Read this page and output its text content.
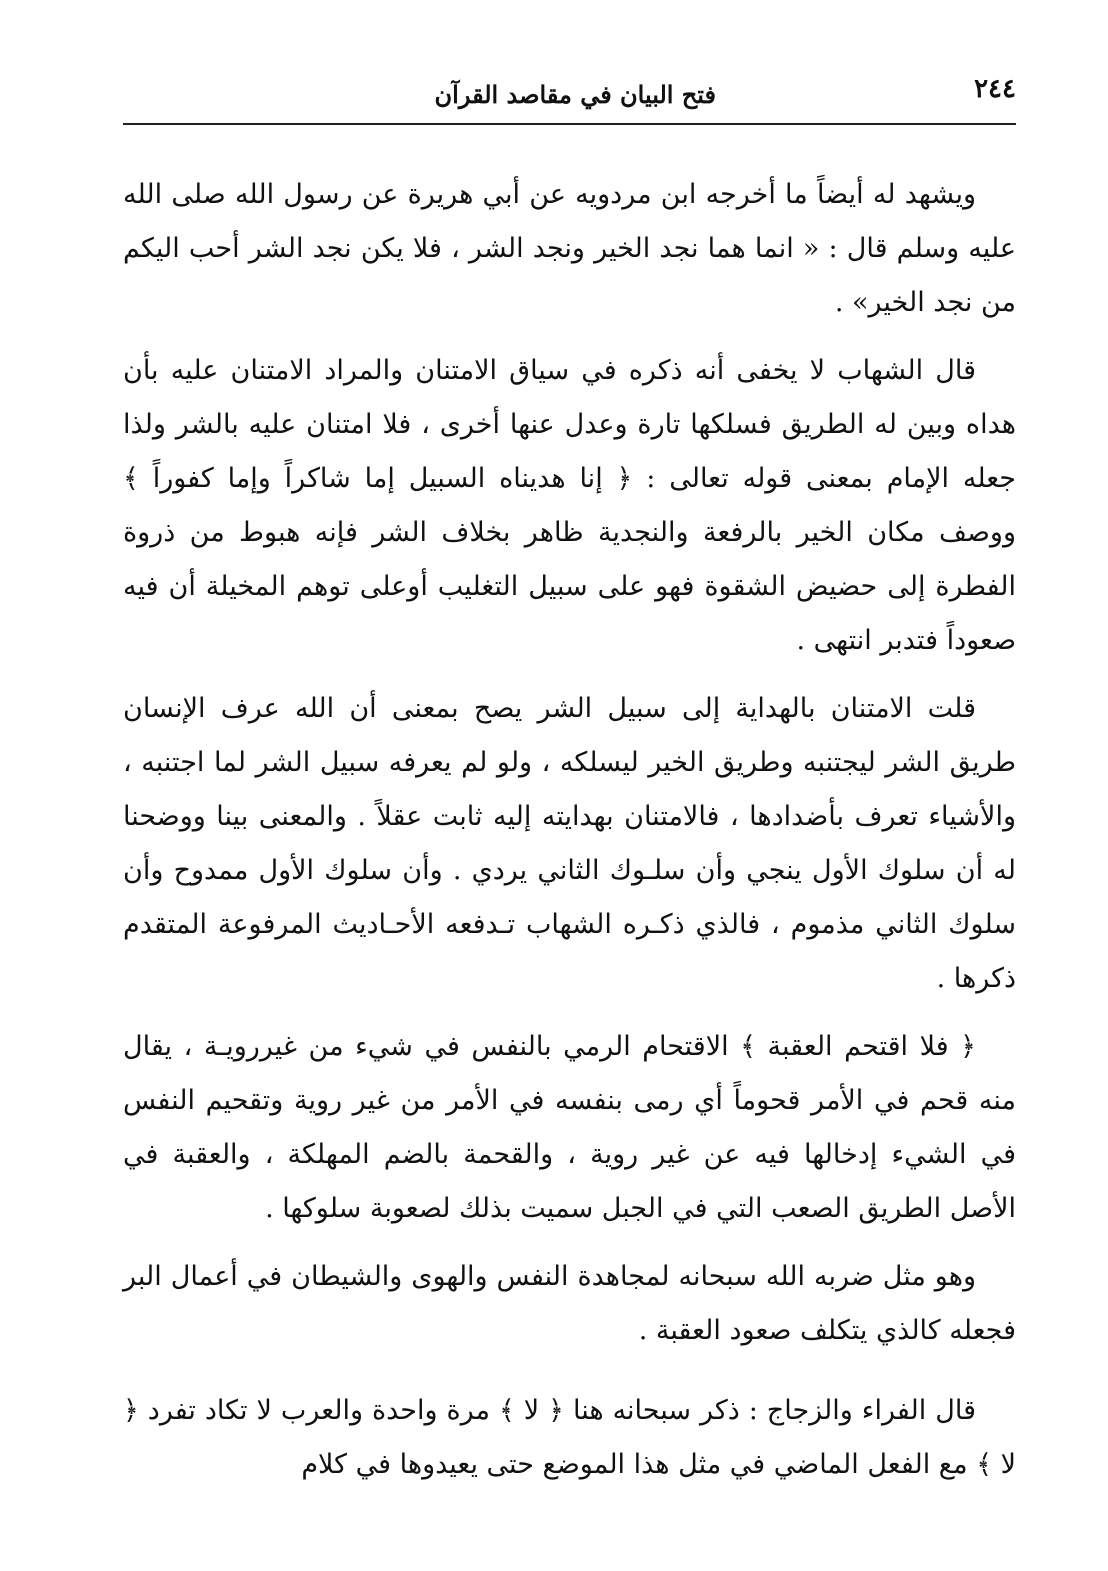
٢٤٤
فتح البيان في مقاصد القرآن

ويشهد له أيضاً ما أخرجه ابن مردويه عن أبي هريرة عن رسول الله صلى الله عليه وسلم قال : « انما هما نجد الخير ونجد الشر ، فلا يكن نجد الشر أحب اليكم من نجد الخير» .

قال الشهاب لا يخفى أنه ذكره في سياق الامتنان والمراد الامتنان عليه بأن هداه وبين له الطريق فسلكها تارة وعدل عنها أخرى ، فلا امتنان عليه بالشر ولذا جعله الإمام بمعنى قوله تعالى : ﴿ إنا هديناه السبيل إما شاكراً وإما كفوراً ﴾ ووصف مكان الخير بالرفعة والنجدية ظاهر بخلاف الشر فإنه هبوط من ذروة الفطرة إلى حضيض الشقوة فهو على سبيل التغليب أوعلى توهم المخيلة أن فيه صعوداً فتدبر انتهى .

قلت الامتنان بالهداية إلى سبيل الشر يصح بمعنى أن الله عرف الإنسان طريق الشر ليجتنبه وطريق الخير ليسلكه ، ولو لم يعرفه سبيل الشر لما اجتنبه ، والأشياء تعرف بأضدادها ، فالامتنان بهدايته إليه ثابت عقلاً . والمعنى بينا ووضحنا له أن سلوك الأول ينجي وأن سلـوك الثاني يردي . وأن سلوك الأول ممدوح وأن سلوك الثاني مذموم ، فالذي ذكـره الشهاب تـدفعه الأحـاديث المرفوعة المتقدم ذكرها .

﴿ فلا اقتحم العقبة ﴾ الاقتحام الرمي بالنفس في شيء من غيررويـة ، يقال منه قحم في الأمر قحوماً أي رمى بنفسه في الأمر من غير روية وتقحيم النفس في الشيء إدخالها فيه عن غير روية ، والقحمة بالضم المهلكة ، والعقبة في الأصل الطريق الصعب التي في الجبل سميت بذلك لصعوبة سلوكها .

وهو مثل ضربه الله سبحانه لمجاهدة النفس والهوى والشيطان في أعمال البر فجعله كالذي يتكلف صعود العقبة .

قال الفراء والزجاج : ذكر سبحانه هنا ﴿ لا ﴾ مرة واحدة والعرب لا تكاد تفرد ﴿ لا ﴾ مع الفعل الماضي في مثل هذا الموضع حتى يعيدوها في كلام
